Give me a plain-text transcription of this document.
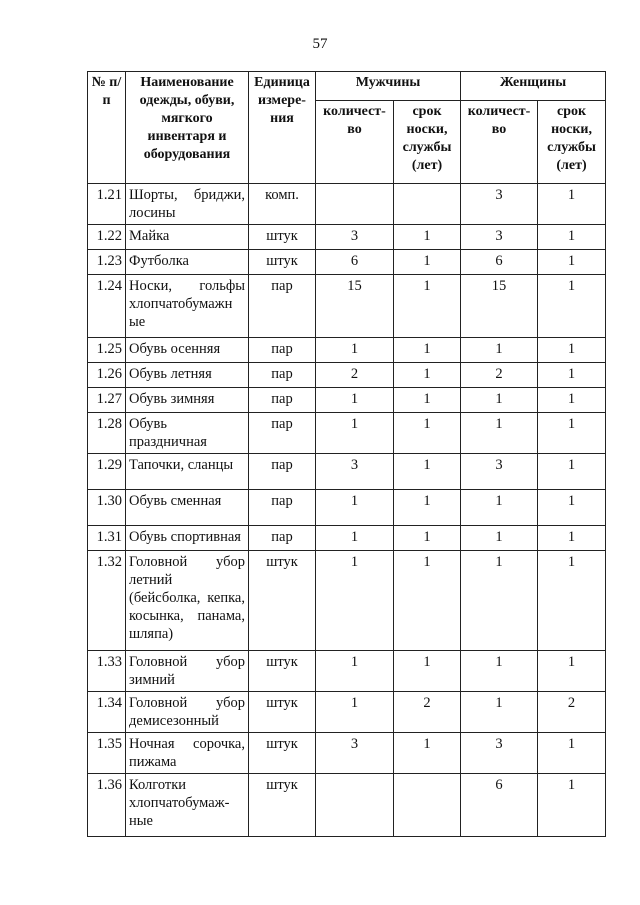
57
№ п/п	Наименование одежды, обуви, мягкого инвентаря и оборудования	Единица измере-ния	Мужчины		Женщины	
			количест-во	срок носки, службы (лет)	количест-во	срок носки, службы (лет)
1.21	Шорты, бриджи, лосины	комп.			3	1
1.22	Майка	штук	3	1	3	1
1.23	Футболка	штук	6	1	6	1
1.24	Носки, гольфы хлопчатобумажн ые	пар	15	1	15	1
1.25	Обувь осенняя	пар	1	1	1	1
1.26	Обувь летняя	пар	2	1	2	1
1.27	Обувь зимняя	пар	1	1	1	1
1.28	Обувь праздничная	пар	1	1	1	1
1.29	Тапочки, сланцы	пар	3	1	3	1
1.30	Обувь сменная	пар	1	1	1	1
1.31	Обувь спортивная	пар	1	1	1	1
1.32	Головной убор летний (бейсболка, кепка, косынка, панама, шляпа)	штук	1	1	1	1
1.33	Головной убор зимний	штук	1	1	1	1
1.34	Головной убор демисезонный	штук	1	2	1	2
1.35	Ночная сорочка, пижама	штук	3	1	3	1
1.36	Колготки хлопчатобумаж-ные	штук			6	1
